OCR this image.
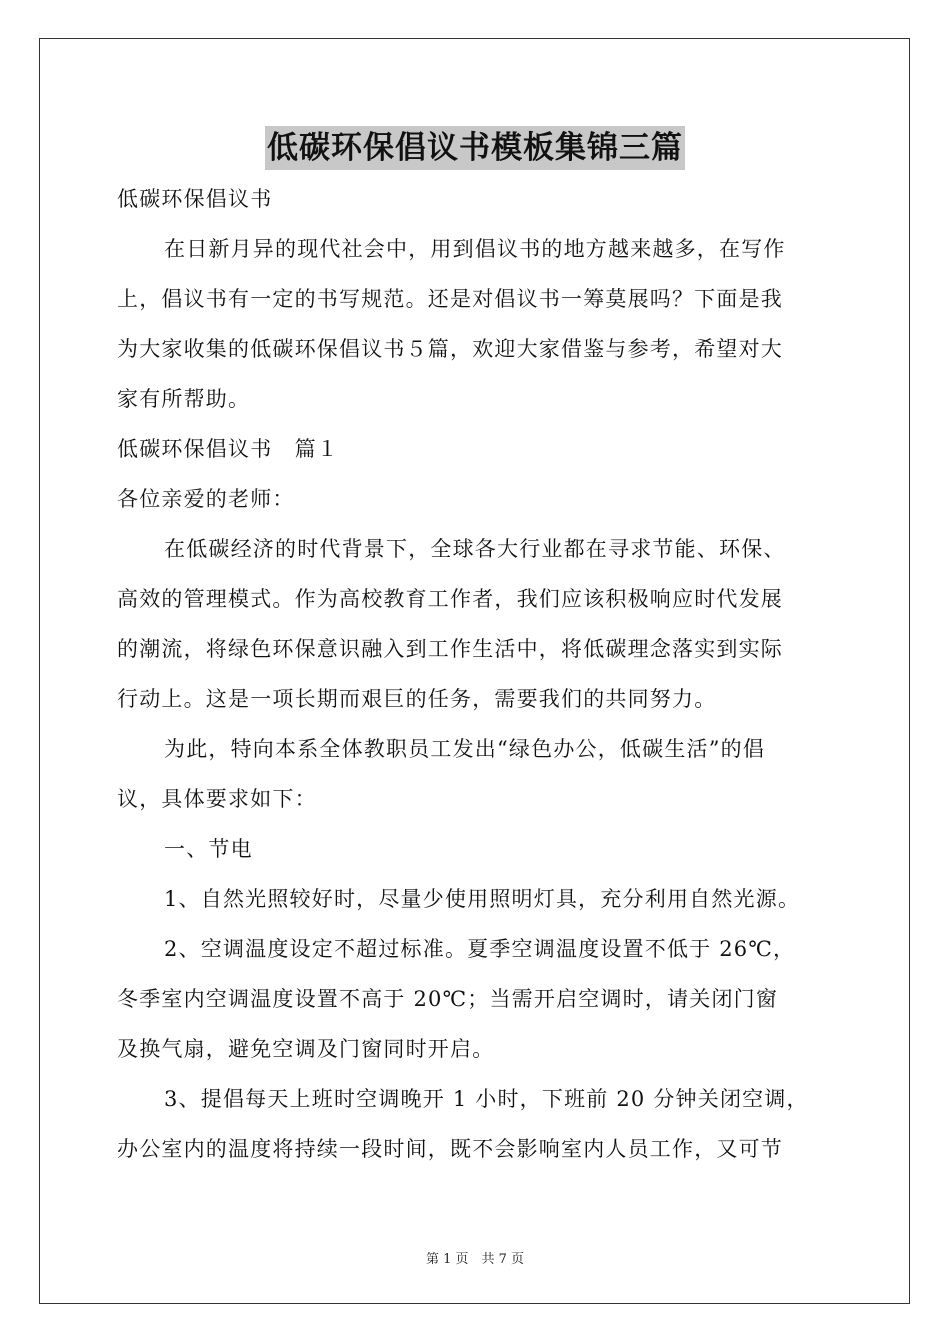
低碳环保倡议书模板集锦三篇
低碳环保倡议书
在日新月异的现代社会中，用到倡议书的地方越来越多，在写作
上，倡议书有一定的书写规范。还是对倡议书一筹莫展吗？下面是我
为大家收集的低碳环保倡议书５篇，欢迎大家借鉴与参考，希望对大
家有所帮助。
低碳环保倡议书　篇１
各位亲爱的老师：
在低碳经济的时代背景下，全球各大行业都在寻求节能、环保、
高效的管理模式。作为高校教育工作者，我们应该积极响应时代发展
的潮流，将绿色环保意识融入到工作生活中，将低碳理念落实到实际
行动上。这是一项长期而艰巨的任务，需要我们的共同努力。
为此，特向本系全体教职员工发出“绿色办公，低碳生活”的倡
议，具体要求如下：
一、节电
1、自然光照较好时，尽量少使用照明灯具，充分利用自然光源。
2、空调温度设定不超过标准。夏季空调温度设置不低于 26℃，
冬季室内空调温度设置不高于 20℃；当需开启空调时，请关闭门窗
及换气扇，避免空调及门窗同时开启。
3、提倡每天上班时空调晚开 1 小时，下班前 20 分钟关闭空调，
办公室内的温度将持续一段时间，既不会影响室内人员工作，又可节
第 1 页　共 7 页
